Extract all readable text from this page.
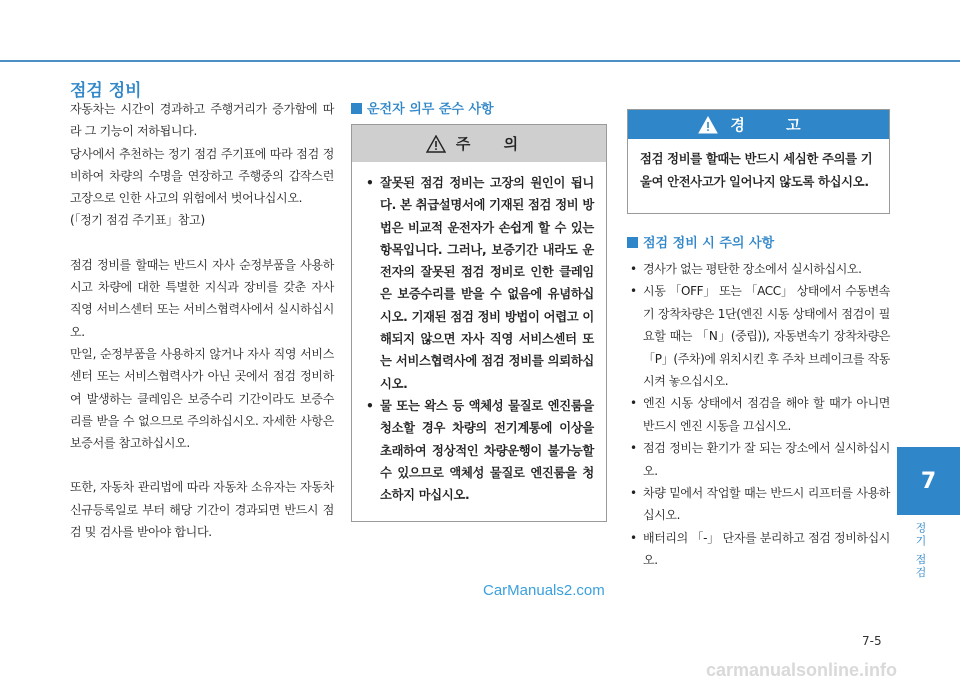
점검 정비

자동차는 시간이 경과하고 주행거리가 증가함에 따라 그 기능이 저하됩니다.

당사에서 추천하는 정기 점검 주기표에 따라 점검 정비하여 차량의 수명을 연장하고 주행중의 갑작스런 고장으로 인한 사고의 위험에서 벗어나십시오.

(「정기 점검 주기표」참고)

점검 정비를 할때는 반드시 자사 순정부품을 사용하시고 차량에 대한 특별한 지식과 장비를 갖춘 자사 직영 서비스센터 또는 서비스협력사에서 실시하십시오.

만일, 순정부품을 사용하지 않거나 자사 직영 서비스센터 또는 서비스협력사가 아닌 곳에서 점검 정비하여 발생하는 클레임은 보증수리 기간이라도 보증수리를 받을 수 없으므로 주의하십시오. 자세한 사항은 보증서를 참고하십시오.

또한, 자동차 관리법에 따라 자동차 소유자는 자동차 신규등록일로 부터 해당 기간이 경과되면 반드시 점검 및 검사를 받아야 합니다.

운전자 의무 준수 사항
주 의
• 잘못된 점검 정비는 고장의 원인이 됩니다. 본 취급설명서에 기재된 점검 정비 방법은 비교적 운전자가 손쉽게 할 수 있는 항목입니다. 그러나, 보증기간 내라도 운전자의 잘못된 점검 정비로 인한 클레임은 보증수리를 받을 수 없음에 유념하십시오. 기재된 점검 정비 방법이 어렵고 이해되지 않으면 자사 직영 서비스센터 또는 서비스협력사에 점검 정비를 의뢰하십시오.
• 물 또는 왁스 등 액체성 물질로 엔진룸을 청소할 경우 차량의 전기계통에 이상을 초래하여 정상적인 차량운행이 불가능할 수 있으므로 액체성 물질로 엔진룸을 청소하지 마십시오.
경 고
점검 정비를 할때는 반드시 세심한 주의를 기울여 안전사고가 일어나지 않도록 하십시오.
점검 정비 시 주의 사항
• 경사가 없는 평탄한 장소에서 실시하십시오.
• 시동 「OFF」 또는 「ACC」 상태에서 수동변속기 장착차량은 1단(엔진 시동 상태에서 점검이 필요할 때는 「N」(중립)), 자동변속기 장착차량은 「P」(주차)에 위치시킨 후 주차 브레이크를 작동시켜 놓으십시오.
• 엔진 시동 상태에서 점검을 해야 할 때가 아니면 반드시 엔진 시동을 끄십시오.
• 점검 정비는 환기가 잘 되는 장소에서 실시하십시오.
• 차량 밑에서 작업할 때는 반드시 리프터를 사용하십시오.
• 배터리의 「-」 단자를 분리하고 점검 정비하십시오.
7
정기 점검
7-5
CarManuals2.com
carmanualsonline.info
